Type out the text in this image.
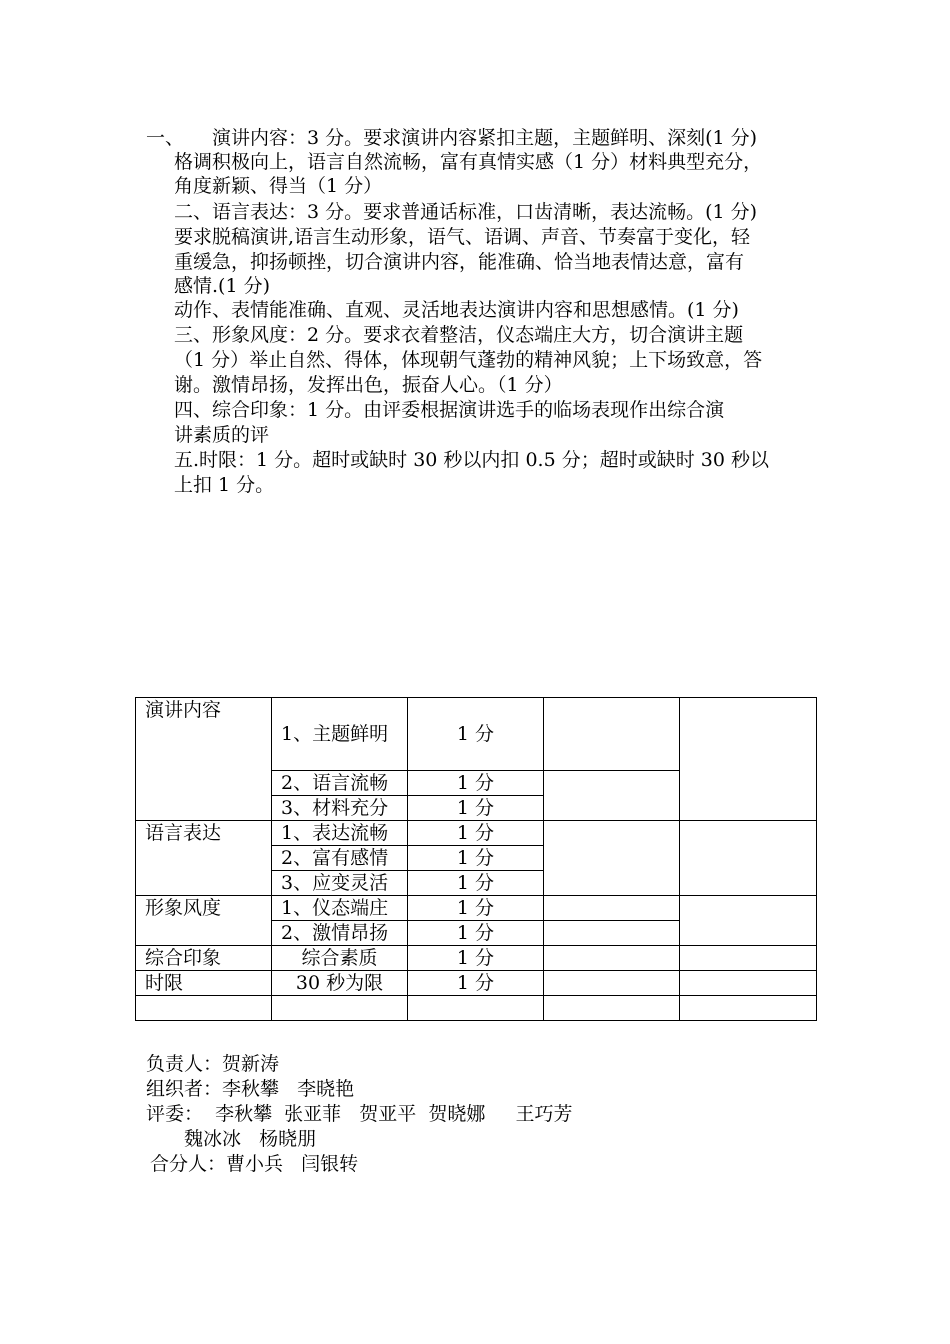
一、 演讲内容：3 分。要求演讲内容紧扣主题，主题鲜明、深刻(1 分)
格调积极向上，语言自然流畅，富有真情实感（1 分）材料典型充分，
角度新颖、得当（1 分）
二、语言表达：3 分。要求普通话标准，口齿清晰，表达流畅。(1 分)
要求脱稿演讲,语言生动形象，语气、语调、声音、节奏富于变化，轻
重缓急，抑扬顿挫，切合演讲内容，能准确、恰当地表情达意，富有
感情.(1 分)
动作、表情能准确、直观、灵活地表达演讲内容和思想感情。(1 分)
三、形象风度：2 分。要求衣着整洁，仪态端庄大方，切合演讲主题
（1 分）举止自然、得体，体现朝气蓬勃的精神风貌；上下场致意，答
谢。激情昂扬，发挥出色，振奋人心。（1 分）
四、综合印象：1 分。由评委根据演讲选手的临场表现作出综合演
讲素质的评
五.时限：1 分。超时或缺时 30 秒以内扣 0.5 分；超时或缺时 30 秒以
上扣 1 分。
演讲内容	1、主题鲜明	1 分		
	2、语言流畅	1 分		
	3、材料充分	1 分		
语言表达	1、表达流畅	1 分		
	2、富有感情	1 分		
	3、应变灵活	1 分		
形象风度	1、仪态端庄	1 分		
	2、激情昂扬	1 分		
综合印象	综合素质	1 分		
时限	30 秒为限	1 分		

负责人：贺新涛
组织者：李秋攀   李晓艳
评委：  李秋攀  张亚菲   贺亚平  贺晓娜     王巧芳
魏冰冰   杨晓朋
合分人：曹小兵   闫银转
